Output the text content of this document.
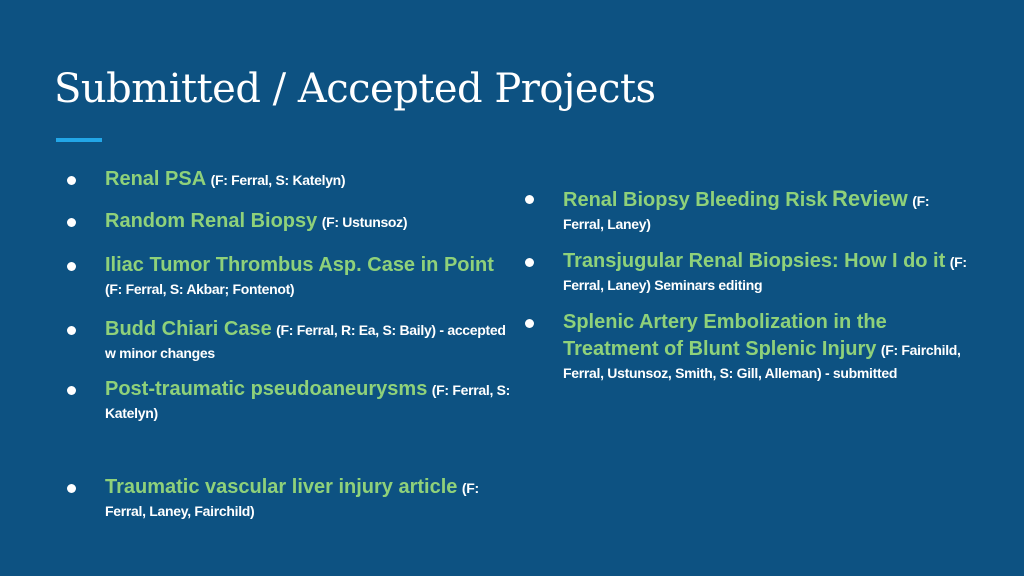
Submitted / Accepted Projects
Renal PSA (F: Ferral, S: Katelyn)
Random Renal Biopsy (F: Ustunsoz)
Iliac Tumor Thrombus Asp. Case in Point (F: Ferral, S: Akbar; Fontenot)
Budd Chiari Case (F: Ferral, R: Ea, S: Baily) - accepted w minor changes
Post-traumatic pseudoaneurysms (F: Ferral, S: Katelyn)
Traumatic vascular liver injury article (F: Ferral, Laney, Fairchild)
Renal Biopsy Bleeding Risk Review (F: Ferral, Laney)
Transjugular Renal Biopsies: How I do it (F: Ferral, Laney) Seminars editing
Splenic Artery Embolization in the Treatment of Blunt Splenic Injury (F: Fairchild, Ferral, Ustunsoz, Smith, S: Gill, Alleman) - submitted
